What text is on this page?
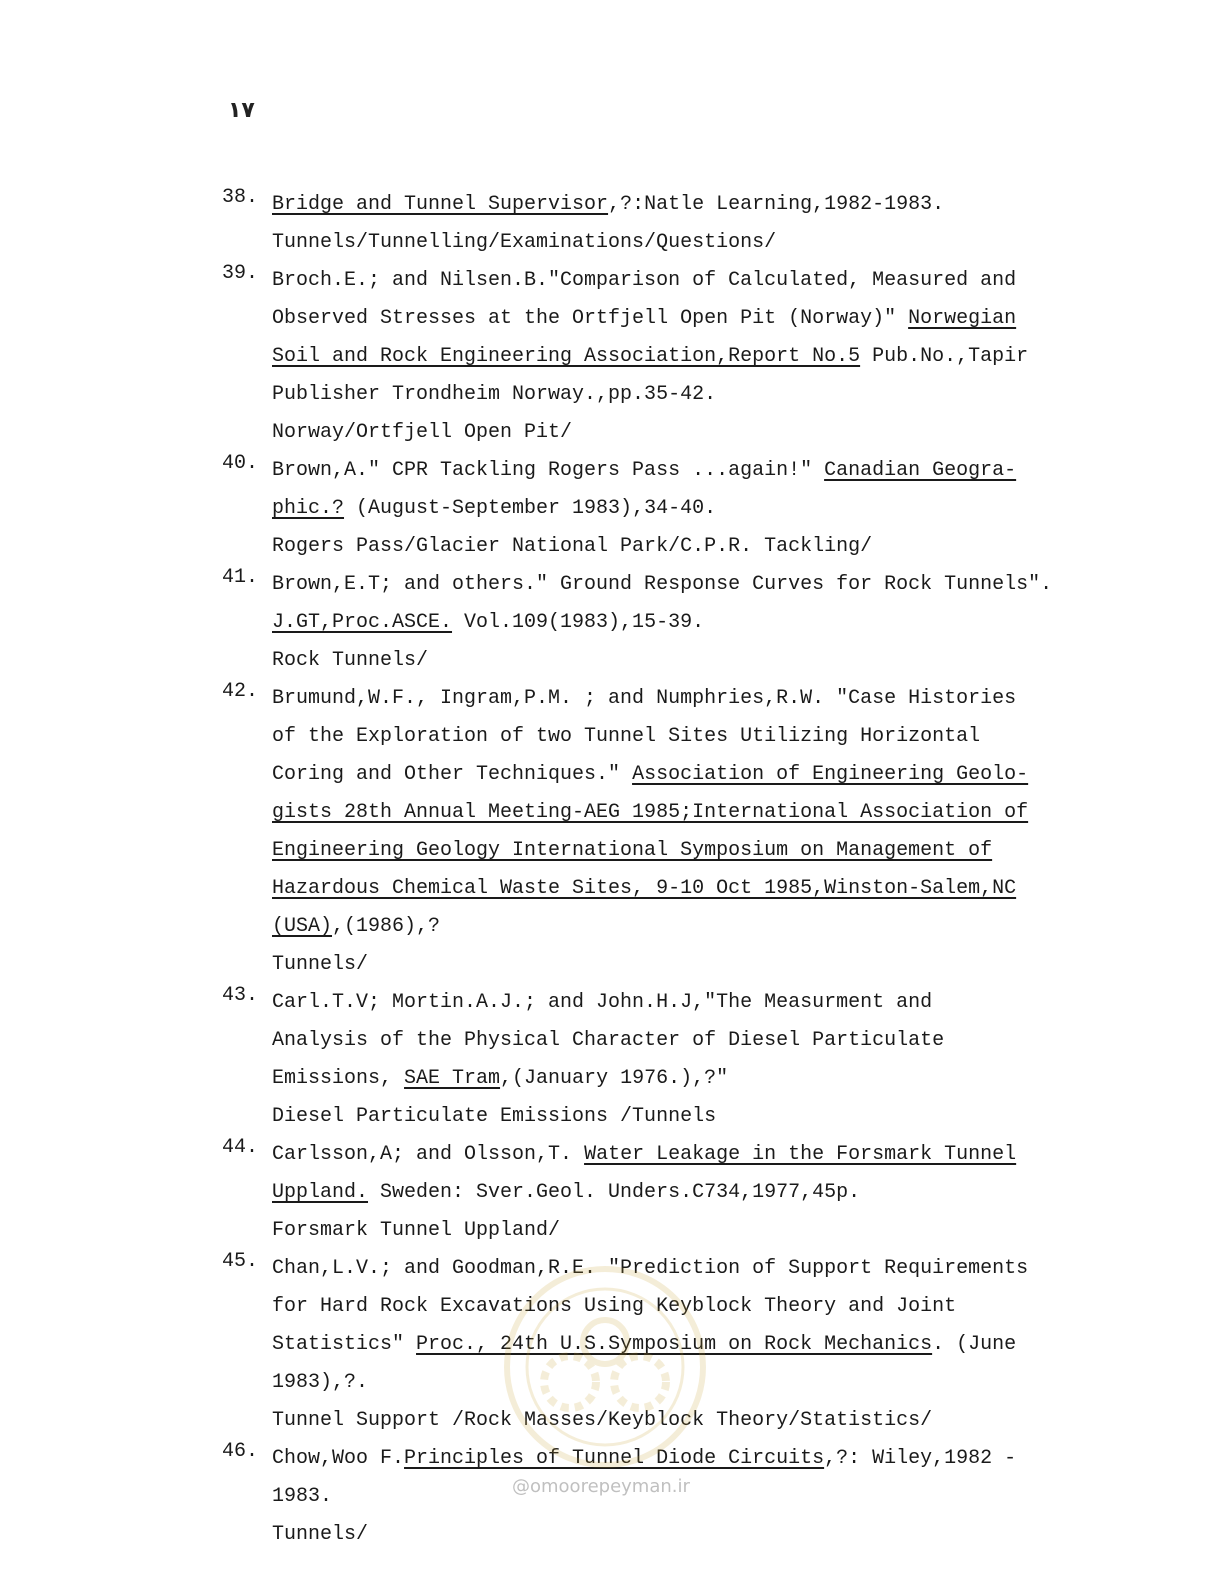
١٧
38. Bridge and Tunnel Supervisor,?:Natle Learning,1982-1983.
Tunnels/Tunnelling/Examinations/Questions/
39. Broch.E.; and Nilsen.B."Comparison of Calculated, Measured and
Observed Stresses at the Ortfjell Open Pit (Norway)" Norwegian
Soil and Rock Engineering Association,Report No.5 Pub.No.,Tapir
Publisher Trondheim Norway.,pp.35-42.
Norway/Ortfjell Open Pit/
40. Brown,A." CPR Tackling Rogers Pass ...again!" Canadian Geogra-
phic.? (August-September 1983),34-40.
Rogers Pass/Glacier National Park/C.P.R. Tackling/
41. Brown,E.T; and others." Ground Response Curves for Rock Tunnels".
J.GT,Proc.ASCE. Vol.109(1983),15-39.
Rock Tunnels/
42. Brumund,W.F., Ingram,P.M. ; and Numphries,R.W. "Case Histories
of the Exploration of two Tunnel Sites Utilizing Horizontal
Coring and Other Techniques." Association of Engineering Geolo-
gists 28th Annual Meeting-AEG 1985;International Association of
Engineering Geology International Symposium on Management of
Hazardous Chemical Waste Sites, 9-10 Oct 1985,Winston-Salem,NC
(USA),(1986),?
Tunnels/
43. Carl.T.V; Mortin.A.J.; and John.H.J,"The Measurment and
Analysis of the Physical Character of Diesel Particulate
Emissions, SAE Tram,(January 1976.),?"
Diesel Particulate Emissions /Tunnels
44. Carlsson,A; and Olsson,T. Water Leakage in the Forsmark Tunnel
Uppland. Sweden: Sver.Geol. Unders.C734,1977,45p.
Forsmark Tunnel Uppland/
45. Chan,L.V.; and Goodman,R.E. "Prediction of Support Requirements
for Hard Rock Excavations Using Keyblock Theory and Joint
Statistics" Proc., 24th U.S.Symposium on Rock Mechanics. (June
1983),?.
Tunnel Support /Rock Masses/Keyblock Theory/Statistics/
46. Chow,Woo F.Principles of Tunnel Diode Circuits,?: Wiley,1982 -
1983.
Tunnels/
@omoorepeyman.ir
